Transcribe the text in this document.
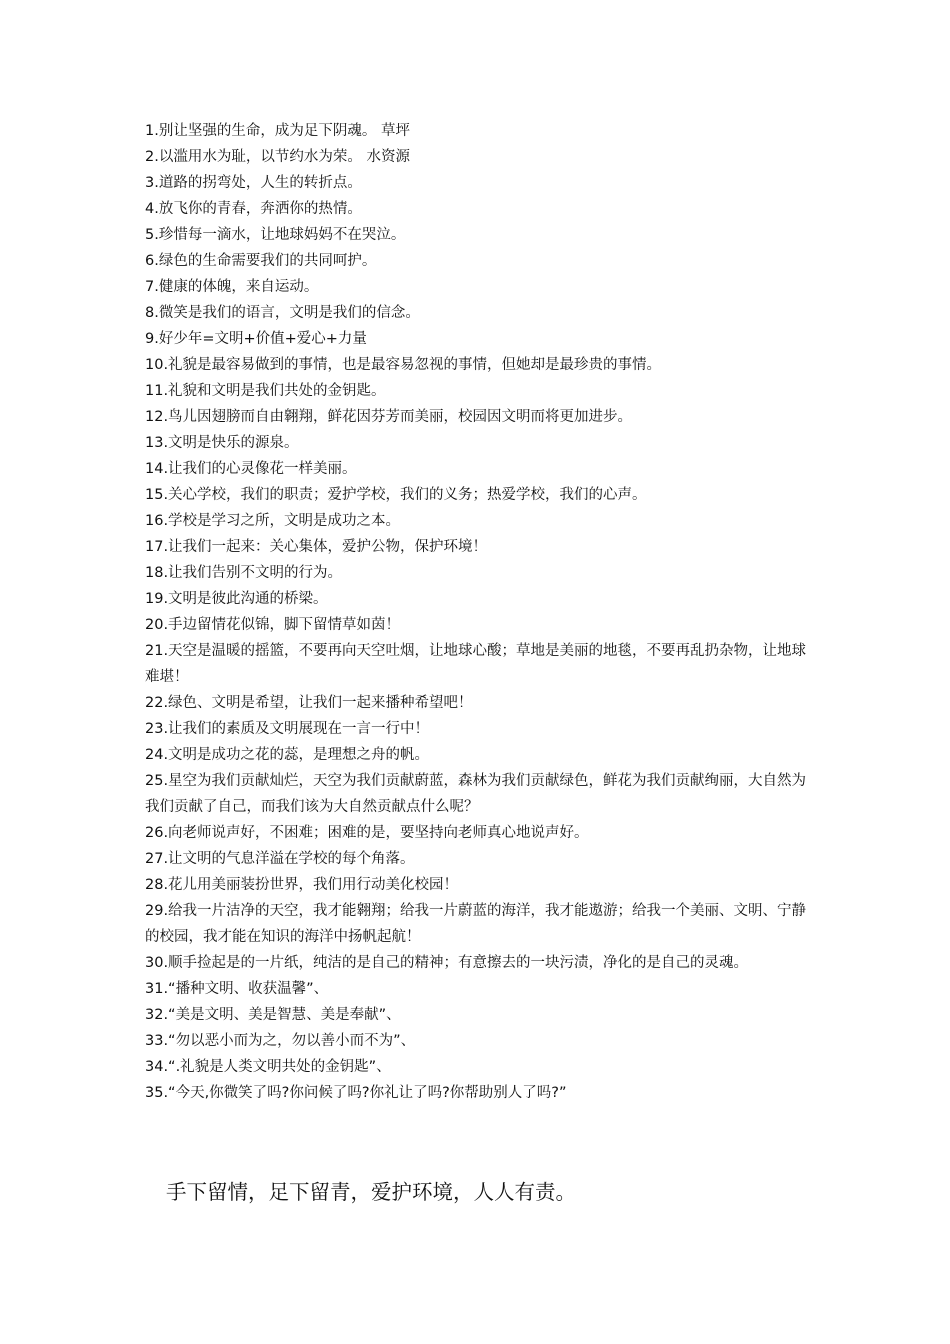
1.别让坚强的生命，成为足下阴魂。 草坪

2.以滥用水为耻，以节约水为荣。 水资源

3.道路的拐弯处，人生的转折点。

4.放飞你的青春，奔洒你的热情。

5.珍惜每一滴水，让地球妈妈不在哭泣。

6.绿色的生命需要我们的共同呵护。

7.健康的体魄，来自运动。

8.微笑是我们的语言，文明是我们的信念。

9.好少年=文明+价值+爱心+力量

10.礼貌是最容易做到的事情，也是最容易忽视的事情，但她却是最珍贵的事情。

11.礼貌和文明是我们共处的金钥匙。

12.鸟儿因翅膀而自由翱翔，鲜花因芬芳而美丽，校园因文明而将更加进步。

13.文明是快乐的源泉。

14.让我们的心灵像花一样美丽。

15.关心学校，我们的职责；爱护学校，我们的义务；热爱学校，我们的心声。

16.学校是学习之所，文明是成功之本。

17.让我们一起来：关心集体，爱护公物，保护环境！

18.让我们告别不文明的行为。

19.文明是彼此沟通的桥梁。

20.手边留情花似锦，脚下留情草如茵！

21.天空是温暖的摇篮，不要再向天空吐烟，让地球心酸；草地是美丽的地毯，不要再乱扔杂物，让地球难堪！

22.绿色、文明是希望，让我们一起来播种希望吧！

23.让我们的素质及文明展现在一言一行中！

24.文明是成功之花的蕊，是理想之舟的帆。

25.星空为我们贡献灿烂，天空为我们贡献蔚蓝，森林为我们贡献绿色，鲜花为我们贡献绚丽，大自然为我们贡献了自己，而我们该为大自然贡献点什么呢？

26.向老师说声好，不困难；困难的是，要坚持向老师真心地说声好。

27.让文明的气息洋溢在学校的每个角落。

28.花儿用美丽装扮世界，我们用行动美化校园！

29.给我一片洁净的天空，我才能翱翔；给我一片蔚蓝的海洋，我才能遨游；给我一个美丽、文明、宁静的校园，我才能在知识的海洋中扬帆起航！

30.顺手捡起是的一片纸，纯洁的是自己的精神；有意擦去的一块污渍，净化的是自己的灵魂。

31.“播种文明、收获温馨”、

32.“美是文明、美是智慧、美是奉献”、

33.“勿以恶小而为之，勿以善小而不为”、

34.“.礼貌是人类文明共处的金钥匙”、

35.“今天,你微笑了吗?你问候了吗?你礼让了吗?你帮助别人了吗?”

手下留情，足下留青，爱护环境，人人有责。
